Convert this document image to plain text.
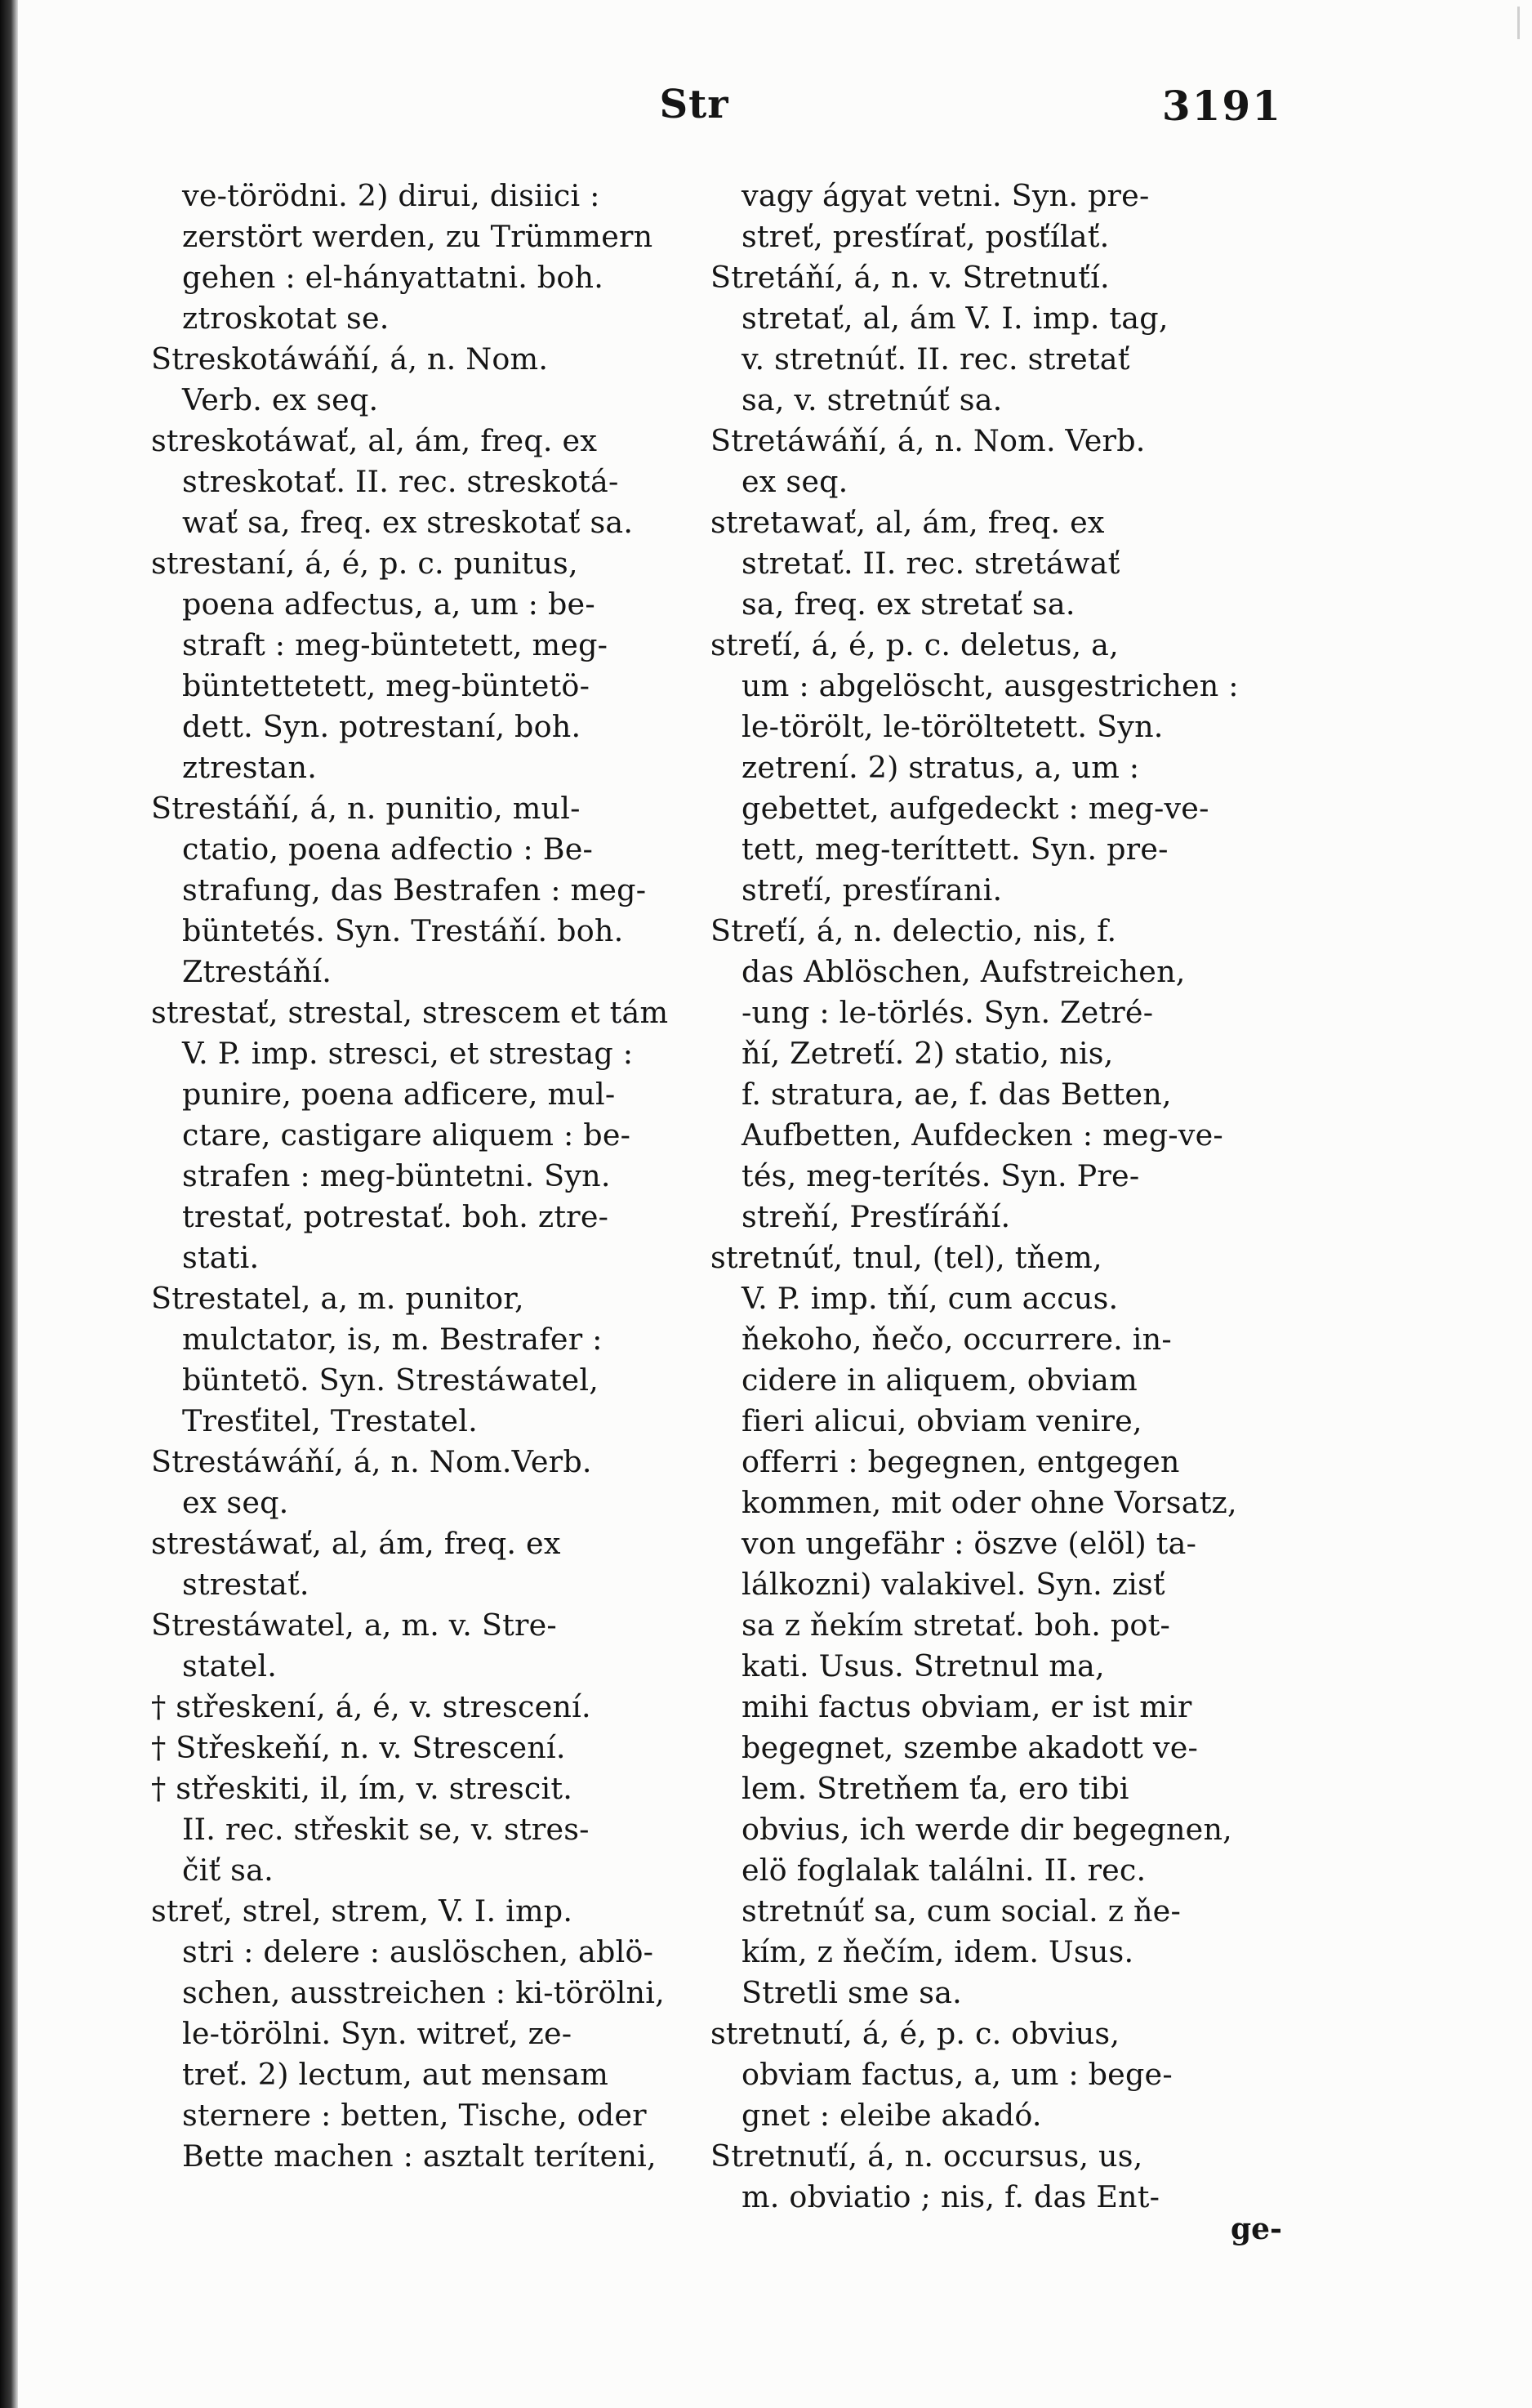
Str	3191
ve-törödni. 2) dirui, disiici :
zerstört werden, zu Trümmern
gehen : el-hányattatni. boh.
ztroskotat se.
Streskotáwáňí, á, n. Nom.
Verb. ex seq.
streskotáwať, al, ám, freq. ex
streskotať. II. rec. streskotá-
wať sa, freq. ex streskotať sa.
strestaní, á, é, p. c. punitus,
poena adfectus, a, um : be-
straft : meg-büntetett, meg-
büntettetett, meg-büntetö-
dett. Syn. potrestaní, boh.
ztrestan.
Strestáňí, á, n. punitio, mul-
ctatio, poena adfectio : Be-
strafung, das Bestrafen : meg-
büntetés. Syn. Trestáňí. boh.
Ztrestáňí.
strestať, strestal, strescem et tám
V. P. imp. stresci, et strestag :
punire, poena adficere, mul-
ctare, castigare aliquem : be-
strafen : meg-büntetni. Syn.
trestať, potrestať. boh. ztre-
stati.
Strestatel, a, m. punitor,
mulctator, is, m. Bestrafer :
büntetö. Syn. Strestáwatel,
Tresťitel, Trestatel.
Strestáwáňí, á, n. Nom.Verb.
ex seq.
strestáwať, al, ám, freq. ex
strestať.
Strestáwatel, a, m. v. Stre-
statel.
† střeskení, á, é, v. strescení.
† Střeskeňí, n. v. Strescení.
† střeskiti, il, ím, v. strescit.
II. rec. střeskit se, v. stres-
čiť sa.
streť, strel, strem, V. I. imp.
stri : delere : auslöschen, ablö-
schen, ausstreichen : ki-törölni,
le-törölni. Syn. witreť, ze-
treť. 2) lectum, aut mensam
sternere : betten, Tische, oder
Bette machen : asztalt teríteni,
vagy ágyat vetni. Syn. pre-
streť, presťírať, posťílať.
Stretáňí, á, n. v. Stretnuťí.
stretať, al, ám V. I. imp. tag,
v. stretnúť. II. rec. stretať
sa, v. stretnúť sa.
Stretáwáňí, á, n. Nom. Verb.
ex seq.
stretawať, al, ám, freq. ex
stretať. II. rec. stretáwať
sa, freq. ex stretať sa.
streťí, á, é, p. c. deletus, a,
um : abgelöscht, ausgestrichen :
le-törölt, le-töröltetett. Syn.
zetrení. 2) stratus, a, um :
gebettet, aufgedeckt : meg-ve-
tett, meg-teríttett. Syn. pre-
streťí, presťírani.
Streťí, á, n. delectio, nis, f.
das Ablöschen, Aufstreichen,
-ung : le-törlés. Syn. Zetré-
ňí, Zetreťí. 2) statio, nis,
f. stratura, ae, f. das Betten,
Aufbetten, Aufdecken : meg-ve-
tés, meg-terítés. Syn. Pre-
streňí, Presťíráňí.
stretnúť, tnul, (tel), tňem,
V. P. imp. tňí, cum accus.
ňekoho, ňečo, occurrere. in-
cidere in aliquem, obviam
fieri alicui, obviam venire,
offerri : begegnen, entgegen
kommen, mit oder ohne Vorsatz,
von ungefähr : öszve (elöl) ta-
lálkozni) valakivel. Syn. zisť
sa z ňekím stretať. boh. pot-
kati. Usus. Stretnul ma,
mihi factus obviam, er ist mir
begegnet, szembe akadott ve-
lem. Stretňem ťa, ero tibi
obvius, ich werde dir begegnen,
elö foglalak találni. II. rec.
stretnúť sa, cum social. z ňe-
kím, z ňečím, idem. Usus.
Stretli sme sa.
stretnutí, á, é, p. c. obvius,
obviam factus, a, um : bege-
gnet : eleibe akadó.
Stretnuťí, á, n. occursus, us,
m. obviatio ; nis, f. das Ent-
ge-
